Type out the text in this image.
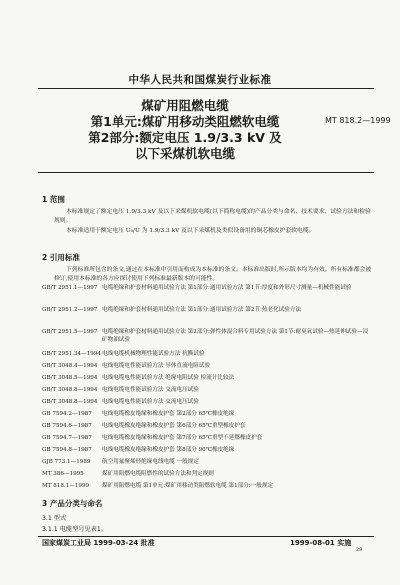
中华人民共和国煤炭行业标准
煤矿用阻燃电缆
第1单元:煤矿用移动类阻燃软电缆
第2部分:额定电压 1.9/3.3 kV 及
以下采煤机软电缆
MT 818.2—1999
1 范围
本标准规定了额定电压 1.9/3.3 kV 及以下采煤机软电缆(以下简称电缆)的产品分类与命名、技术要求、试验方法和检验规则。
本标准适用于额定电压 U₀/U 为 1.9/3.3 kV 及以下采煤机及类似设备用的铜芯橡皮护套软电缆。
2 引用标准
下列标准所包含的条文,通过在本标准中引用而构成为本标准的条文。本标准出版时,所示版本均为有效。所有标准都会被修订,使用本标准的各方应探讨使用下列标准最新版本的可能性。
GB/T 2951.1—1997 电缆绝缘和护套材料通用试验方法 第1部分:通用试验方法 第1节:厚度和外形尺寸测量—机械性能试验
GB/T 2951.2—1997 电缆绝缘和护套材料通用试验方法 第1部分:通用试验方法 第2节:热老化试验方法
GB/T 2951.5—1997 电缆绝缘和护套材料通用试验方法 第2部分:弹性体混合料专用试验方法 第1节:耐臭氧试验—热延伸试验—浸矿物油试验
GB/T 2951.34—1994 电线电缆机械物理性能试验方法 抗撕试验
GB/T 3048.4—1994 电线电缆电性能试验方法 导体直流电阻试验
GB/T 3048.5—1994 电线电缆电性能试验方法 绝缘电阻试验 检流计比较法
GB/T 3048.8—1994 电线电缆电性能试验方法 交流电压试验
GB/T 3048.8—1994 电线电缆电性能试验方法 交流电压试验
GB 7594.2—1987 电线电缆橡皮绝缘和橡皮护套 第2部分 65℃橡皮绝缘
GB 7594.6—1987 电线电缆橡皮绝缘和橡皮护套 第6部分 65℃重型橡皮护套
GB 7594.7—1987 电线电缆橡皮绝缘和橡皮护套 第7部分 65℃重型不延燃橡皮护套
GB 7594.8—1987 电线电缆橡皮绝缘和橡皮护套 第8部分 90℃橡皮绝缘
GJB 773.1—1989 航空用氟聚烯烃绝缘电线电缆 一般规定
MT 386—1995	煤矿用阻燃电缆阻燃性的试验方法和判定规则
MT 818.1—1999 煤矿用阻燃电缆 第1单元:煤矿用移动类阻燃软电缆 第1部分:一般规定
3 产品分类与命名
3.1 型式
3.1.1 电缆型号见表1。
国家煤炭工业局 1999-03-24 批准	1999-08-01 实施
29
